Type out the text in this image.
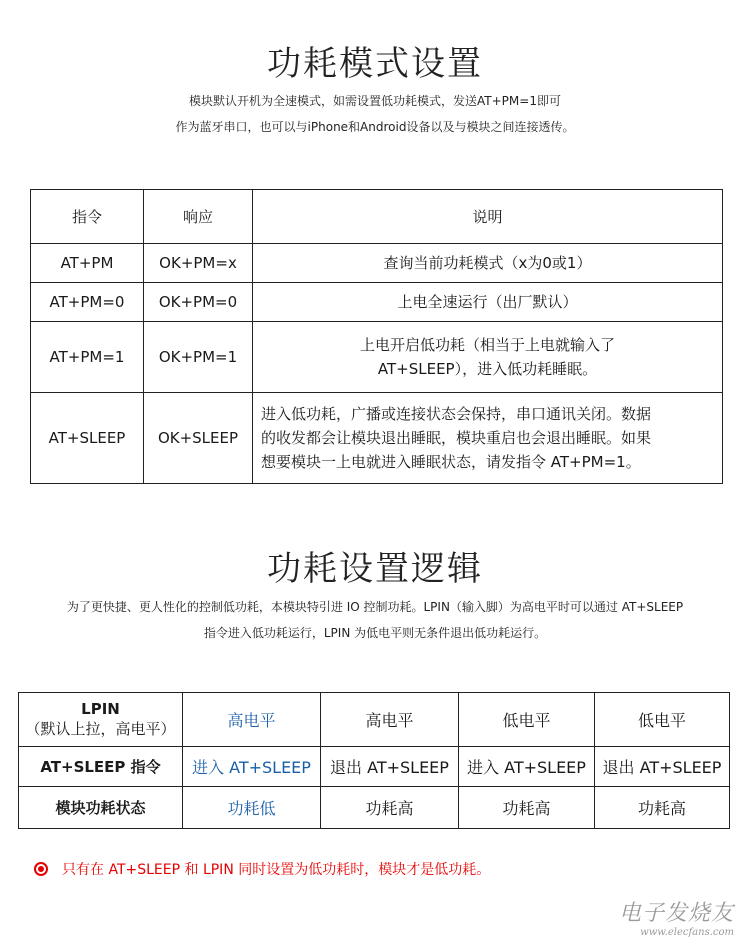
功耗模式设置
模块默认开机为全速模式，如需设置低功耗模式，发送AT+PM=1即可
作为蓝牙串口，也可以与iPhone和Android设备以及与模块之间连接透传。
指令	响应	说明
AT+PM	OK+PM=x	查询当前功耗模式（x为0或1）
AT+PM=0	OK+PM=0	上电全速运行（出厂默认）
AT+PM=1	OK+PM=1	上电开启低功耗（相当于上电就输入了
AT+SLEEP），进入低功耗睡眠。

AT+SLEEP	OK+SLEEP	进入低功耗，广播或连接状态会保持，串口通讯关闭。数据
的收发都会让模块退出睡眠，模块重启也会退出睡眠。如果
想要模块一上电就进入睡眠状态，请发指令 AT+PM=1。
功耗设置逻辑
为了更快捷、更人性化的控制低功耗，本模块特引进 IO 控制功耗。LPIN（输入脚）为高电平时可以通过 AT+SLEEP
指令进入低功耗运行，LPIN 为低电平则无条件退出低功耗运行。
LPIN
（默认上拉，高电平）	高电平	高电平	低电平	低电平
AT+SLEEP 指令	进入 AT+SLEEP	退出 AT+SLEEP	进入 AT+SLEEP	退出 AT+SLEEP
模块功耗状态	功耗低	功耗高	功耗高	功耗高
只有在 AT+SLEEP 和 LPIN 同时设置为低功耗时，模块才是低功耗。
电子发烧友
www.elecfans.com
